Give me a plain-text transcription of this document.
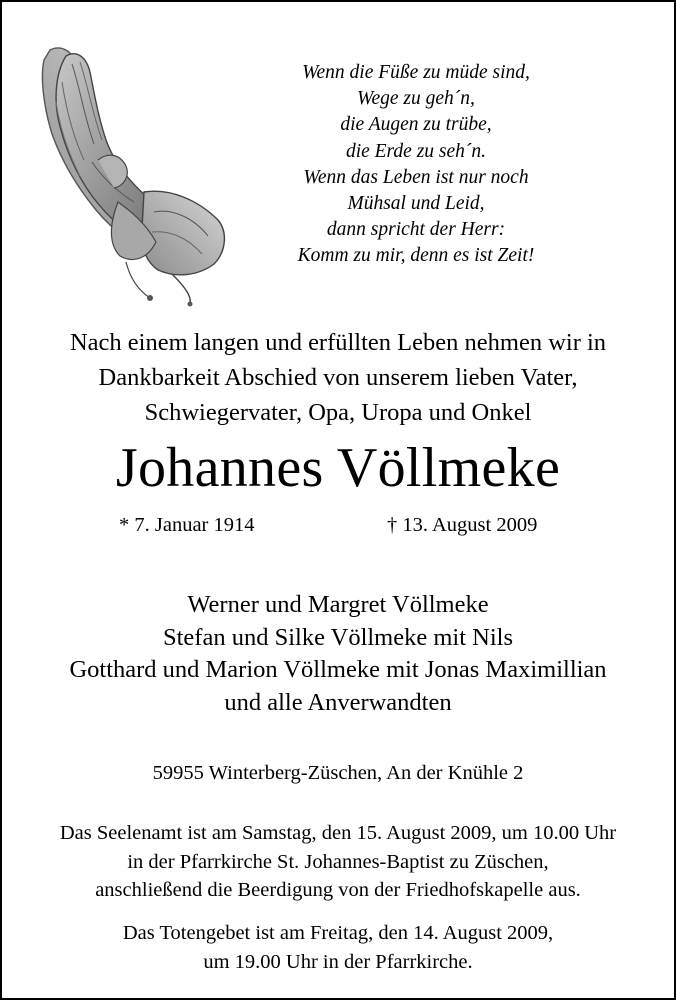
Wenn die Füße zu müde sind,
Wege zu geh´n,
die Augen zu trübe,
die Erde zu seh´n.
Wenn das Leben ist nur noch
Mühsal und Leid,
dann spricht der Herr:
Komm zu mir, denn es ist Zeit!
Nach einem langen und erfüllten Leben nehmen wir in
Dankbarkeit Abschied von unserem lieben Vater,
Schwiegervater, Opa, Uropa und Onkel
Johannes Völlmeke
* 7. Januar 1914	† 13. August 2009
Werner und Margret Völlmeke
Stefan und Silke Völlmeke mit Nils
Gotthard und Marion Völlmeke mit Jonas Maximillian
und alle Anverwandten
59955 Winterberg-Züschen, An der Knühle 2
Das Seelenamt ist am Samstag, den 15. August 2009, um 10.00 Uhr
in der Pfarrkirche St. Johannes-Baptist zu Züschen,
anschließend die Beerdigung von der Friedhofskapelle aus.
Das Totengebet ist am Freitag, den 14. August 2009,
um 19.00 Uhr in der Pfarrkirche.
